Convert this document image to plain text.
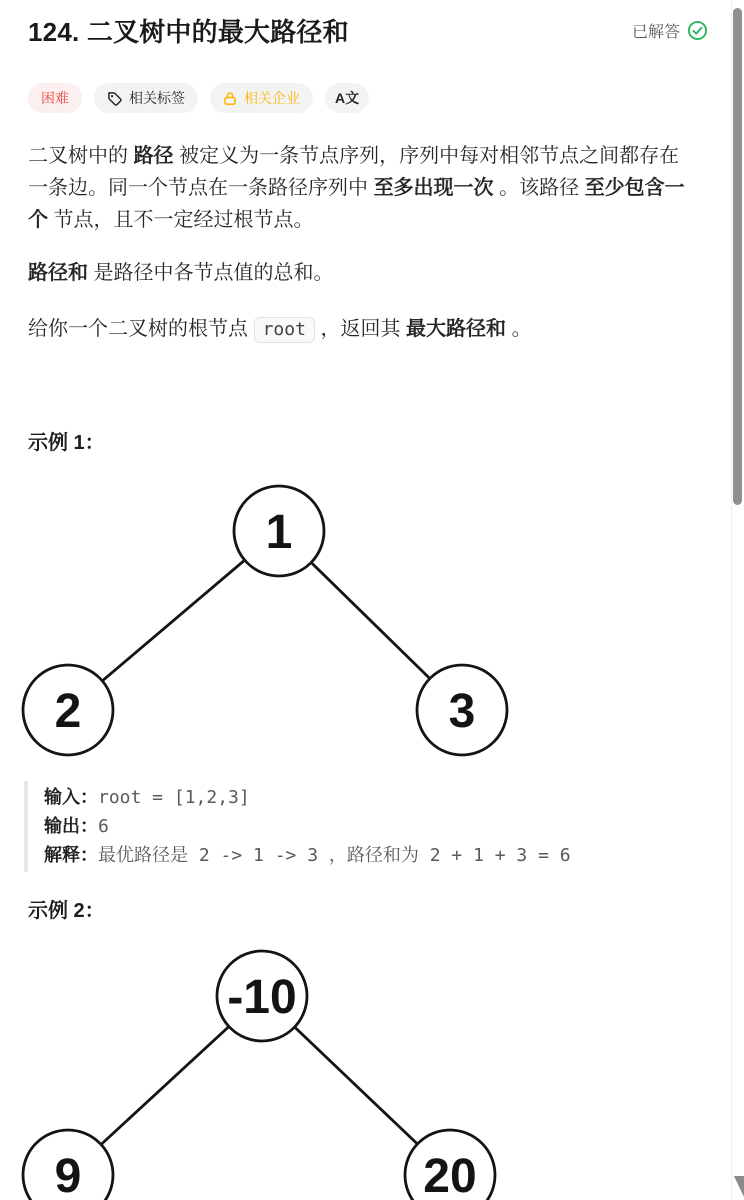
124. 二叉树中的最大路径和	已解答
困难	相关标签	相关企业	A文

二叉树中的 路径 被定义为一条节点序列，序列中每对相邻节点之间都存在一条边。同一个节点在一条路径序列中 至多出现一次 。该路径 至少包含一个 节点，且不一定经过根节点。

路径和 是路径中各节点值的总和。

给你一个二叉树的根节点 root ，返回其 最大路径和 。

示例 1：
1
2	3
输入：root = [1,2,3]
输出：6
解释：最优路径是 2 -> 1 -> 3 ，路径和为 2 + 1 + 3 = 6
示例 2：
-10
9	20
